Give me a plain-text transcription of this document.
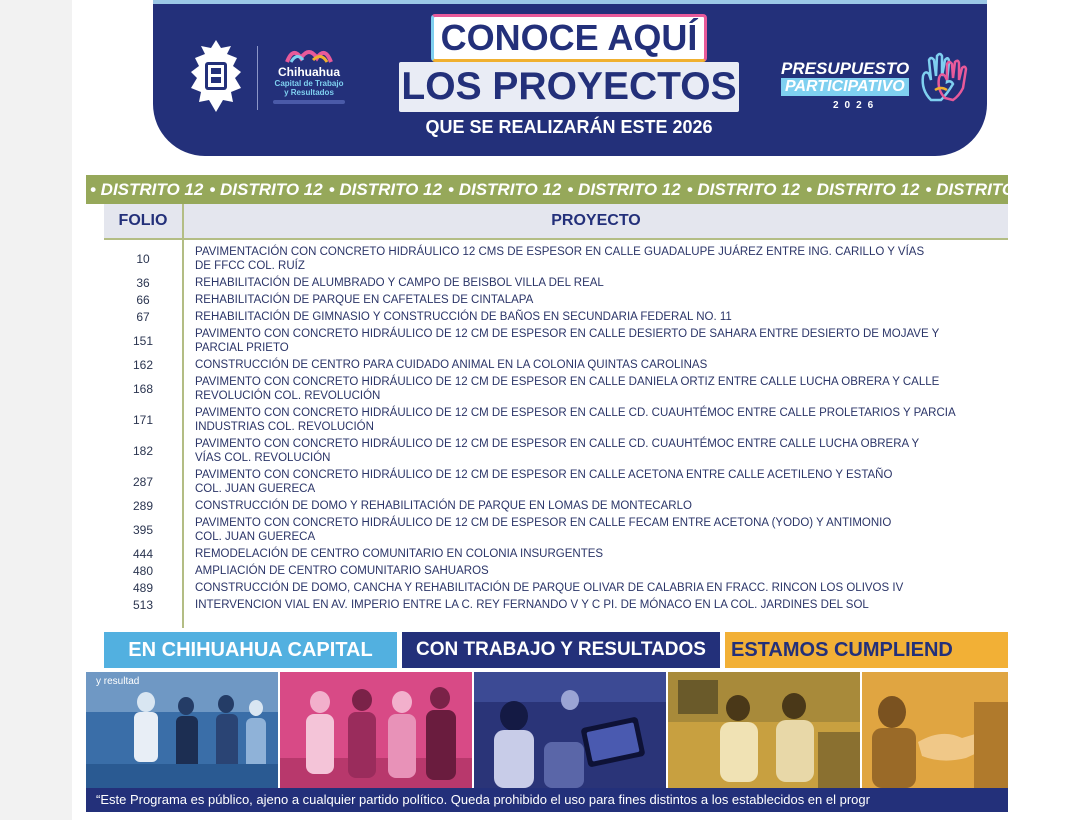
Chihuahua
Capital de Trabajo
y Resultados
CONOCE AQUÍ
LOS PROYECTOS
QUE SE REALIZARÁN ESTE 2026
PRESUPUESTO
PARTICIPATIVO
2026
• DISTRITO 12 • DISTRITO 12 • DISTRITO 12 • DISTRITO 12 • DISTRITO 12 • DISTRITO 12 • DISTRITO 12 • DISTRITO 12
FOLIO	PROYECTO
10	PAVIMENTACIÓN CON CONCRETO HIDRÁULICO 12 CMS DE ESPESOR EN CALLE GUADALUPE JUÁREZ ENTRE ING. CARILLO Y VÍAS
DE FFCC COL. RUÍZ
36	REHABILITACIÓN DE ALUMBRADO Y CAMPO DE BEISBOL VILLA DEL REAL
66	REHABILITACIÓN DE PARQUE EN CAFETALES DE CINTALAPA
67	REHABILITACIÓN DE GIMNASIO Y CONSTRUCCIÓN DE BAÑOS EN SECUNDARIA FEDERAL NO. 11
151	PAVIMENTO CON CONCRETO HIDRÁULICO DE 12 CM DE ESPESOR EN CALLE DESIERTO DE SAHARA ENTRE DESIERTO DE MOJAVE Y
PARCIAL PRIETO
162	CONSTRUCCIÓN DE CENTRO PARA CUIDADO ANIMAL EN LA COLONIA QUINTAS CAROLINAS
168	PAVIMENTO CON CONCRETO HIDRÁULICO DE 12 CM DE ESPESOR EN CALLE DANIELA ORTIZ ENTRE CALLE LUCHA OBRERA Y CALLE
REVOLUCIÓN COL. REVOLUCIÓN
171	PAVIMENTO CON CONCRETO HIDRÁULICO DE 12 CM DE ESPESOR EN CALLE CD. CUAUHTÉMOC ENTRE CALLE PROLETARIOS Y PARCIA
INDUSTRIAS COL. REVOLUCIÓN
182	PAVIMENTO CON CONCRETO HIDRÁULICO DE 12 CM DE ESPESOR EN CALLE CD. CUAUHTÉMOC ENTRE CALLE LUCHA OBRERA Y
VÍAS COL. REVOLUCIÓN
287	PAVIMENTO CON CONCRETO HIDRÁULICO DE 12 CM DE ESPESOR EN CALLE ACETONA ENTRE CALLE ACETILENO Y ESTAÑO
COL. JUAN GUERECA
289	CONSTRUCCIÓN DE DOMO Y REHABILITACIÓN DE PARQUE EN LOMAS DE MONTECARLO
395	PAVIMENTO CON CONCRETO HIDRÁULICO DE 12 CM DE ESPESOR EN CALLE FECAM ENTRE ACETONA (YODO) Y ANTIMONIO
COL. JUAN GUERECA
444	REMODELACIÓN DE CENTRO COMUNITARIO EN COLONIA INSURGENTES
480	AMPLIACIÓN DE CENTRO COMUNITARIO SAHUAROS
489	CONSTRUCCIÓN DE DOMO, CANCHA Y REHABILITACIÓN DE PARQUE OLIVAR DE CALABRIA EN FRACC. RINCON LOS OLIVOS IV
513	INTERVENCION VIAL EN AV. IMPERIO ENTRE LA C. REY FERNANDO V Y C PI. DE MÓNACO EN LA COL. JARDINES DEL SOL
EN CHIHUAHUA CAPITAL	CON TRABAJO Y RESULTADOS	ESTAMOS CUMPLIEND
y resultad
“Este Programa es público, ajeno a cualquier partido político. Queda prohibido el uso para fines distintos a los establecidos en el progr
